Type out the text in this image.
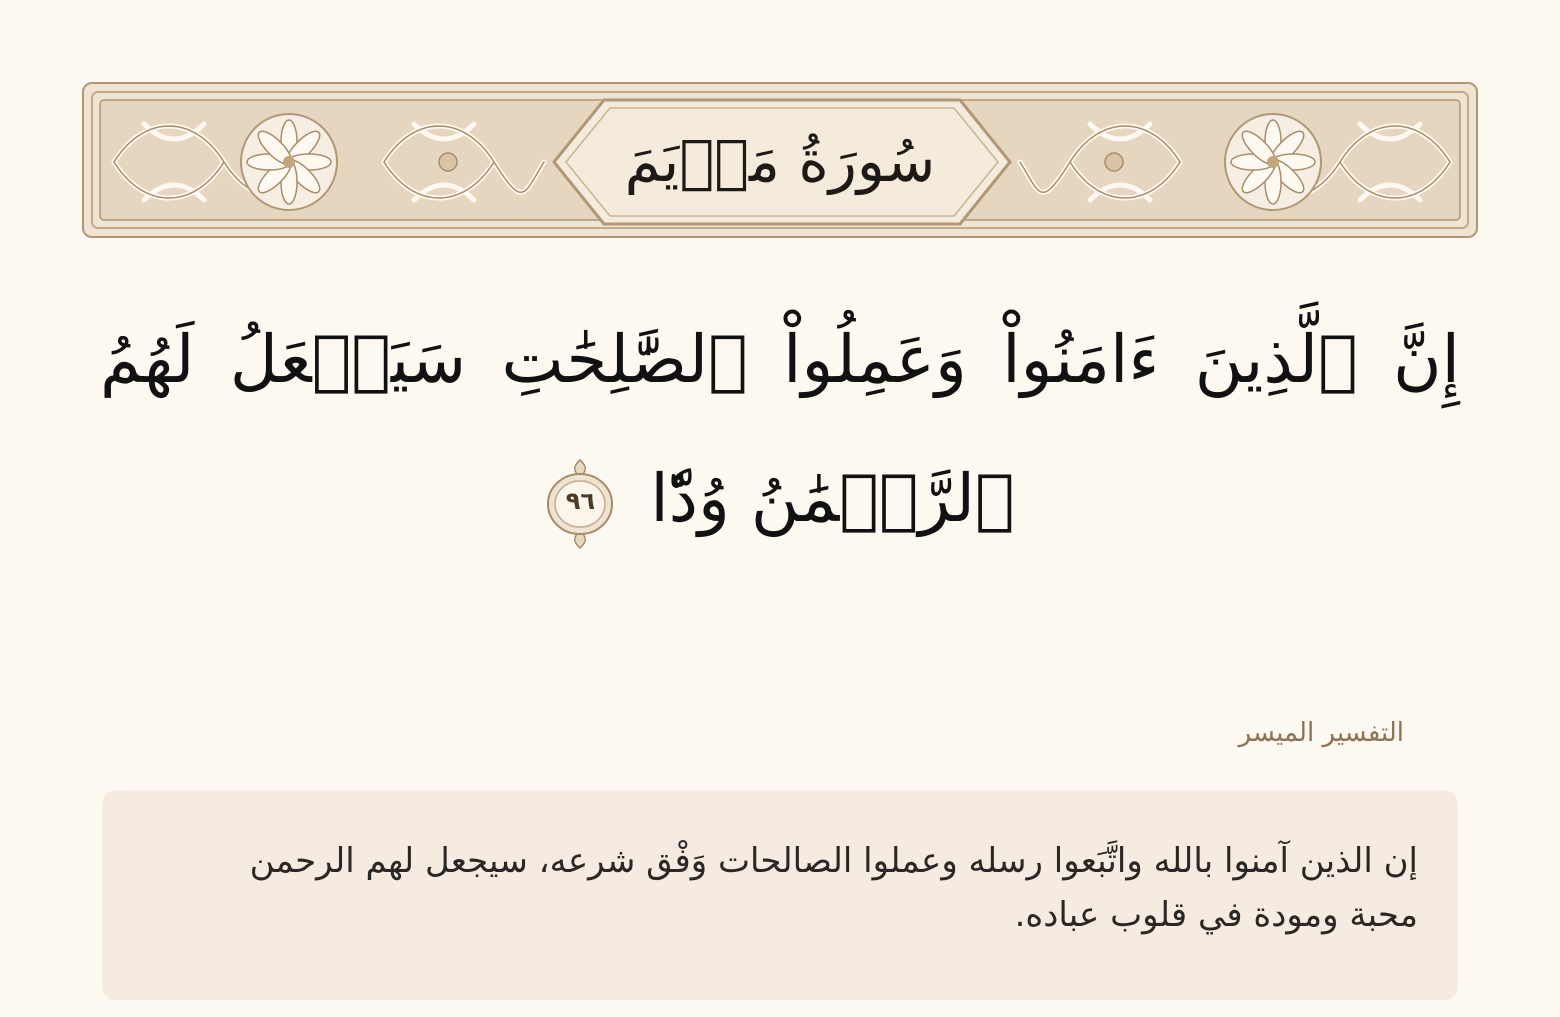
سُورَةُ مَرۡيَمَ
إِنَّ ٱلَّذِينَ ءَامَنُواْ وَعَمِلُواْ ٱلصَّٰلِحَٰتِ سَيَجۡعَلُ لَهُمُ
ٱلرَّحۡمَٰنُ وُدّٗا
٩٦
التفسير الميسر
إن الذين آمنوا بالله واتَّبَعوا رسله وعملوا الصالحات وَفْق شرعه، سيجعل لهم الرحمن محبة ومودة في قلوب عباده.
